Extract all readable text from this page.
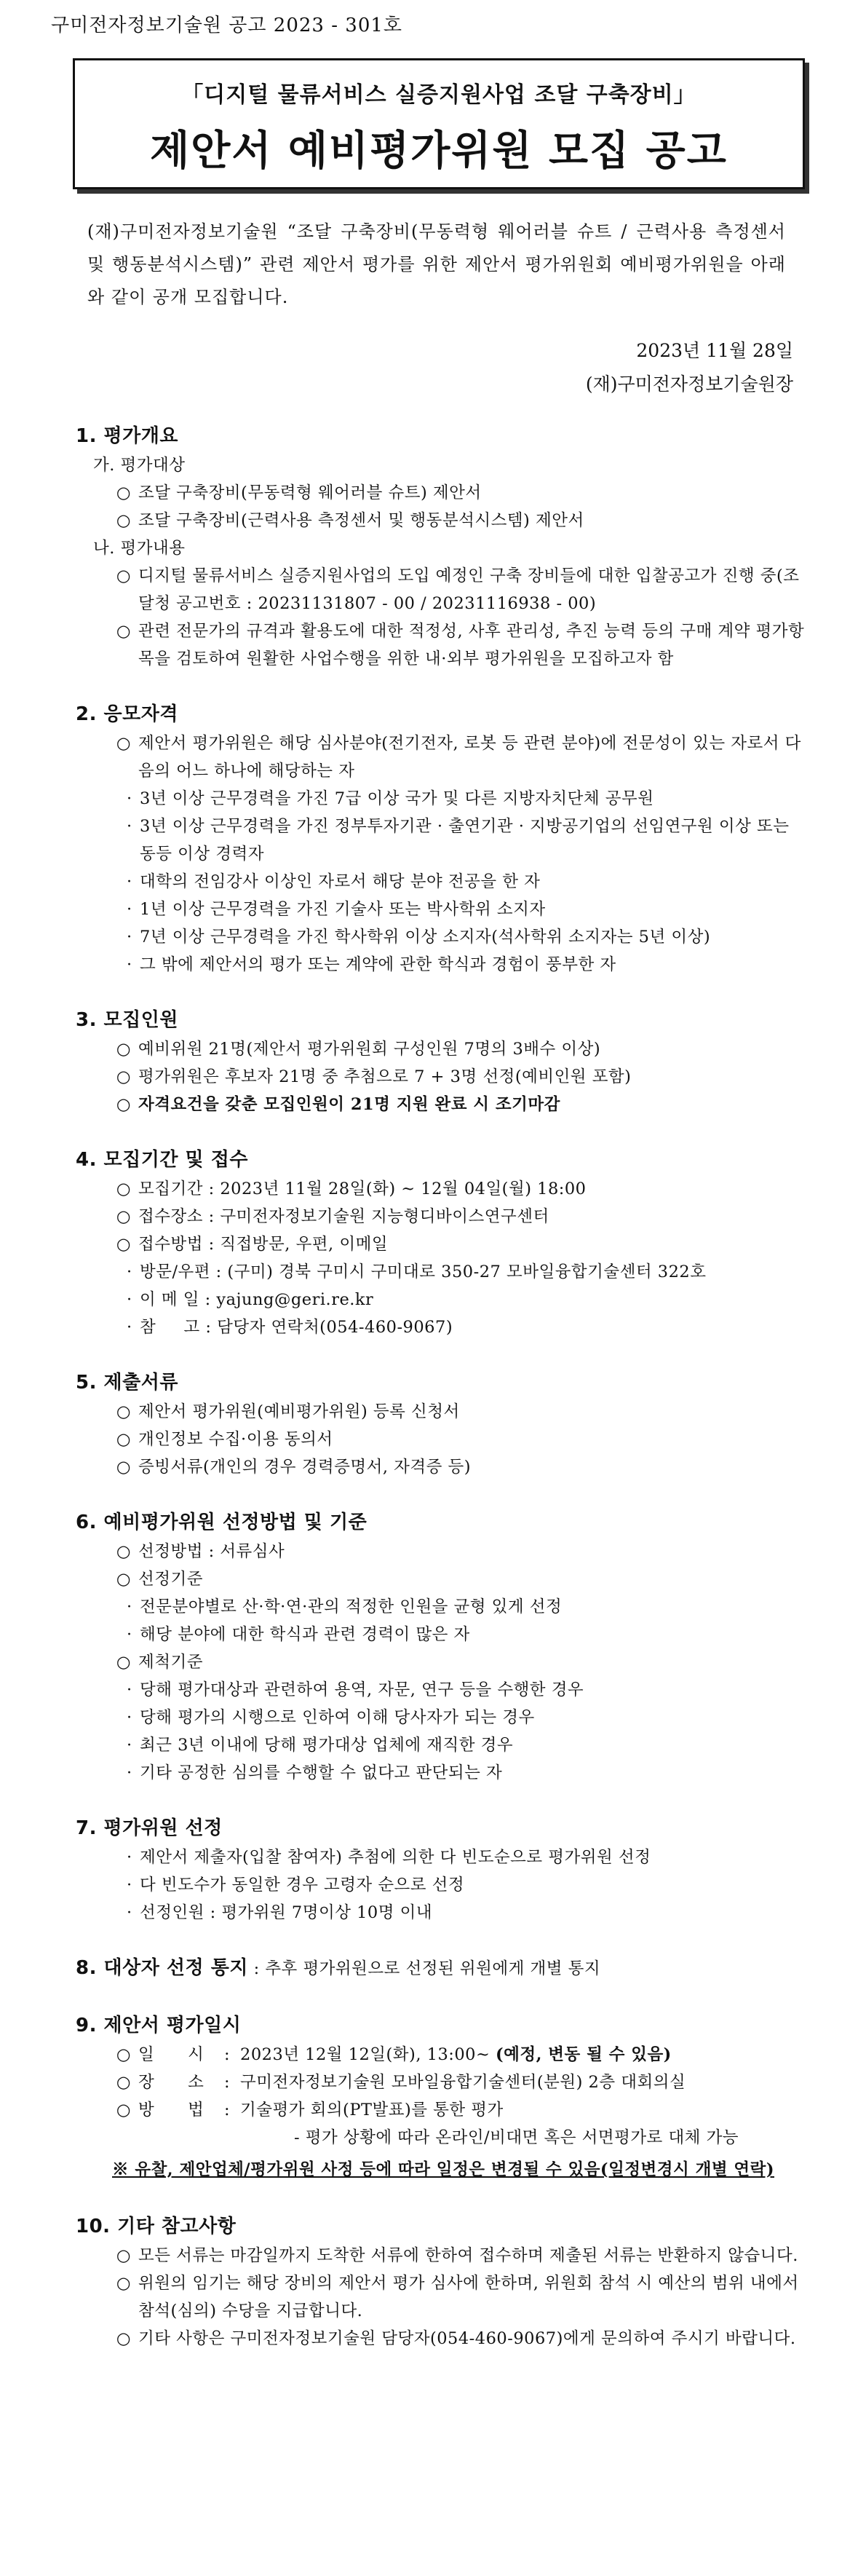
구미전자정보기술원 공고 2023 - 301호
「디지털 물류서비스 실증지원사업 조달 구축장비」
제안서 예비평가위원 모집 공고
(재)구미전자정보기술원 “조달 구축장비(무동력형 웨어러블 슈트 / 근력사용 측정센서 및 행동분석시스템)” 관련 제안서 평가를 위한 제안서 평가위원회 예비평가위원을 아래와 같이 공개 모집합니다.
2023년 11월 28일
(재)구미전자정보기술원장
1. 평가개요
가. 평가대상
○ 조달 구축장비(무동력형 웨어러블 슈트) 제안서
○ 조달 구축장비(근력사용 측정센서 및 행동분석시스템) 제안서
나. 평가내용
○ 디지털 물류서비스 실증지원사업의 도입 예정인 구축 장비들에 대한 입찰공고가 진행 중(조달청 공고번호 : 20231131807 - 00 / 20231116938 - 00)
○ 관련 전문가의 규격과 활용도에 대한 적정성, 사후 관리성, 추진 능력 등의 구매 계약 평가항목을 검토하여 원활한 사업수행을 위한 내·외부 평가위원을 모집하고자 함
2. 응모자격
○ 제안서 평가위원은 해당 심사분야(전기전자, 로봇 등 관련 분야)에 전문성이 있는 자로서 다음의 어느 하나에 해당하는 자
· 3년 이상 근무경력을 가진 7급 이상 국가 및 다른 지방자치단체 공무원
· 3년 이상 근무경력을 가진 정부투자기관 · 출연기관 · 지방공기업의 선임연구원 이상 또는 동등 이상 경력자
· 대학의 전임강사 이상인 자로서 해당 분야 전공을 한 자
· 1년 이상 근무경력을 가진 기술사 또는 박사학위 소지자
· 7년 이상 근무경력을 가진 학사학위 이상 소지자(석사학위 소지자는 5년 이상)
· 그 밖에 제안서의 평가 또는 계약에 관한 학식과 경험이 풍부한 자
3. 모집인원
○ 예비위원 21명(제안서 평가위원회 구성인원 7명의 3배수 이상)
○ 평가위원은 후보자 21명 중 추첨으로 7 + 3명 선정(예비인원 포함)
○ 자격요건을 갖춘 모집인원이 21명 지원 완료 시 조기마감
4. 모집기간 및 접수
○ 모집기간 : 2023년 11월 28일(화) ~ 12월 04일(월) 18:00
○ 접수장소 : 구미전자정보기술원 지능형디바이스연구센터
○ 접수방법 : 직접방문, 우편, 이메일
· 방문/우편 : (구미) 경북 구미시 구미대로 350-27 모바일융합기술센터 322호
· 이 메 일 : yajung@geri.re.kr
· 참     고 : 담당자 연락처(054-460-9067)
5. 제출서류
○ 제안서 평가위원(예비평가위원) 등록 신청서
○ 개인정보 수집·이용 동의서
○ 증빙서류(개인의 경우 경력증명서, 자격증 등)
6. 예비평가위원 선정방법 및 기준
○ 선정방법 : 서류심사
○ 선정기준
· 전문분야별로 산·학·연·관의 적정한 인원을 균형 있게 선정
· 해당 분야에 대한 학식과 관련 경력이 많은 자
○ 제척기준
· 당해 평가대상과 관련하여 용역, 자문, 연구 등을 수행한 경우
· 당해 평가의 시행으로 인하여 이해 당사자가 되는 경우
· 최근 3년 이내에 당해 평가대상 업체에 재직한 경우
· 기타 공정한 심의를 수행할 수 없다고 판단되는 자
7. 평가위원 선정
· 제안서 제출자(입찰 참여자) 추첨에 의한 다 빈도순으로 평가위원 선정
· 다 빈도수가 동일한 경우 고령자 순으로 선정
· 선정인원 : 평가위원 7명이상 10명 이내
8. 대상자 선정 통지 : 추후 평가위원으로 선정된 위원에게 개별 통지
9. 제안서 평가일시
○ 일      시	: 2023년 12월 12일(화), 13:00~ (예정, 변동 될 수 있음)
○ 장      소	: 구미전자정보기술원 모바일융합기술센터(분원) 2층 대회의실
○ 방      법	: 기술평가 회의(PT발표)를 통한 평가
- 평가 상황에 따라 온라인/비대면 혹은 서면평가로 대체 가능
※ 유찰, 제안업체/평가위원 사정 등에 따라 일정은 변경될 수 있음(일정변경시 개별 연락)
10. 기타 참고사항
○ 모든 서류는 마감일까지 도착한 서류에 한하여 접수하며 제출된 서류는 반환하지 않습니다.
○ 위원의 임기는 해당 장비의 제안서 평가 심사에 한하며, 위원회 참석 시 예산의 범위 내에서 참석(심의) 수당을 지급합니다.
○ 기타 사항은 구미전자정보기술원 담당자(054-460-9067)에게 문의하여 주시기 바랍니다.
